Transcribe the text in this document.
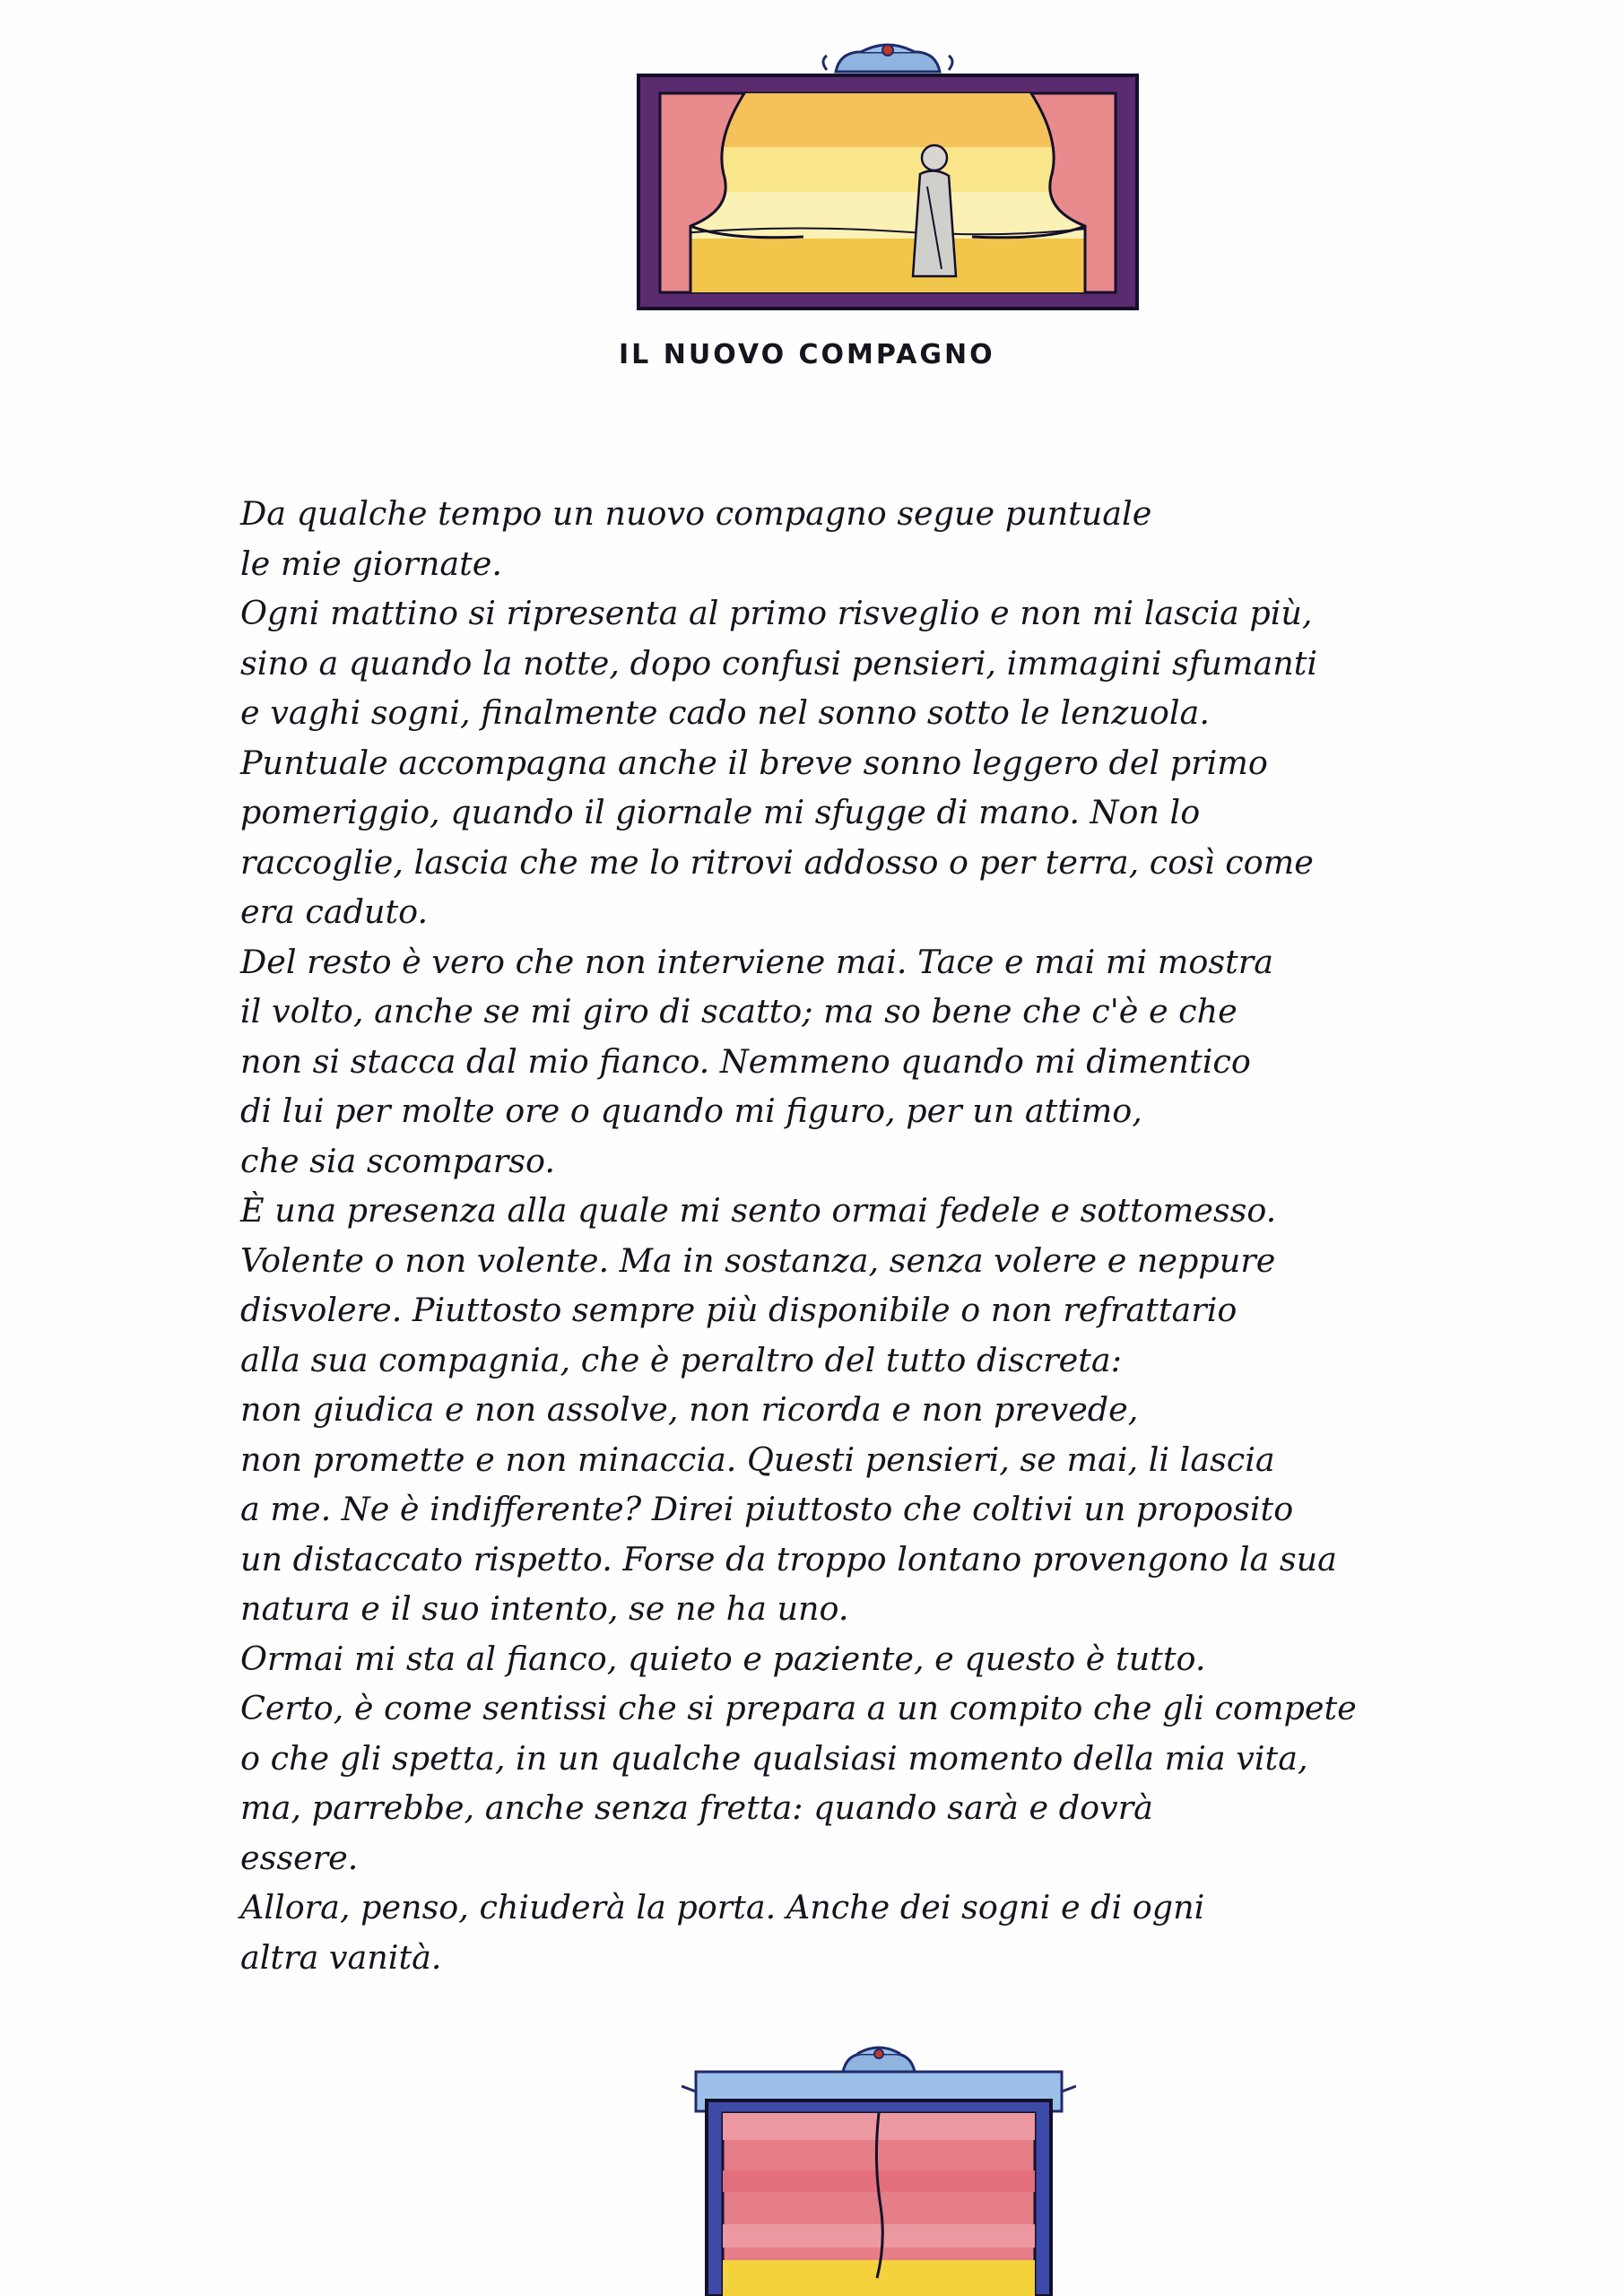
IL NUOVO COMPAGNO
Da qualche tempo un nuovo compagno segue puntuale
le mie giornate.
Ogni mattino si ripresenta al primo risveglio e non mi lascia più,
sino a quando la notte, dopo confusi pensieri, immagini sfumanti
e vaghi sogni, finalmente cado nel sonno sotto le lenzuola.
Puntuale accompagna anche il breve sonno leggero del primo
pomeriggio, quando il giornale mi sfugge di mano. Non lo
raccoglie, lascia che me lo ritrovi addosso o per terra, così come
era caduto.
Del resto è vero che non interviene mai. Tace e mai mi mostra
il volto, anche se mi giro di scatto; ma so bene che c'è e che
non si stacca dal mio fianco. Nemmeno quando mi dimentico
di lui per molte ore o quando mi figuro, per un attimo,
che sia scomparso.
È una presenza alla quale mi sento ormai fedele e sottomesso.
Volente o non volente. Ma in sostanza, senza volere e neppure
disvolere. Piuttosto sempre più disponibile o non refrattario
alla sua compagnia, che è peraltro del tutto discreta:
non giudica e non assolve, non ricorda e non prevede,
non promette e non minaccia. Questi pensieri, se mai, li lascia
a me. Ne è indifferente? Direi piuttosto che coltivi un proposito
un distaccato rispetto. Forse da troppo lontano provengono la sua
natura e il suo intento, se ne ha uno.
Ormai mi sta al fianco, quieto e paziente, e questo è tutto.
Certo, è come sentissi che si prepara a un compito che gli compete
o che gli spetta, in un qualche qualsiasi momento della mia vita,
ma, parrebbe, anche senza fretta: quando sarà e dovrà
essere.
Allora, penso, chiuderà la porta. Anche dei sogni e di ogni
altra vanità.
